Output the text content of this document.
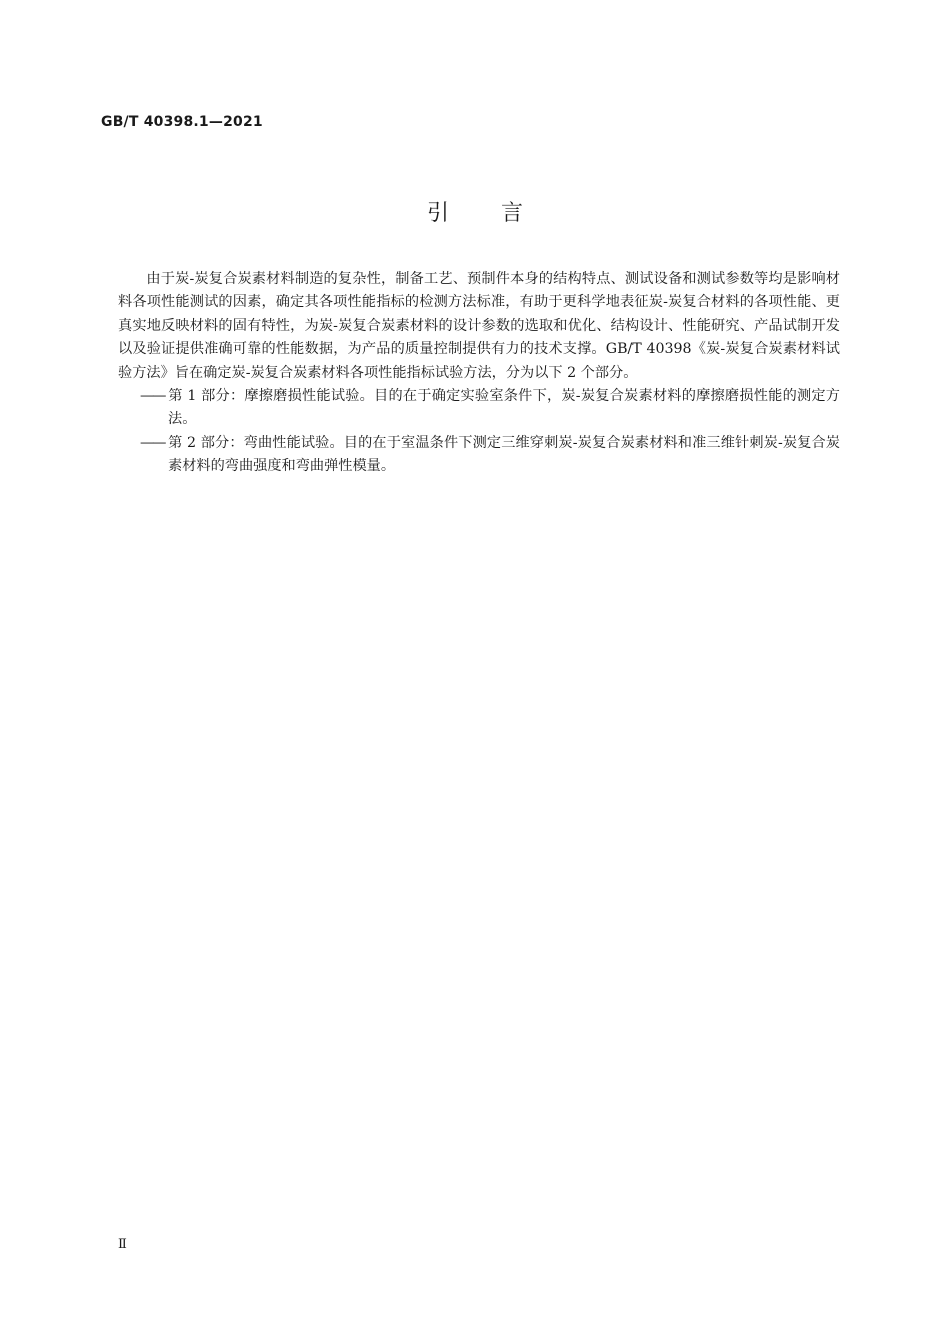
GB/T 40398.1—2021
引 言

由于炭-炭复合炭素材料制造的复杂性，制备工艺、预制件本身的结构特点、测试设备和测试参数等均是影响材料各项性能测试的因素，确定其各项性能指标的检测方法标准，有助于更科学地表征炭-炭复合材料的各项性能、更真实地反映材料的固有特性，为炭-炭复合炭素材料的设计参数的选取和优化、结构设计、性能研究、产品试制开发以及验证提供准确可靠的性能数据，为产品的质量控制提供有力的技术支撑。GB/T 40398《炭-炭复合炭素材料试验方法》旨在确定炭-炭复合炭素材料各项性能指标试验方法，分为以下 2 个部分。

—— 第 1 部分：摩擦磨损性能试验。目的在于确定实验室条件下，炭-炭复合炭素材料的摩擦磨损性能的测定方法。

—— 第 2 部分：弯曲性能试验。目的在于室温条件下测定三维穿刺炭-炭复合炭素材料和准三维针刺炭-炭复合炭素材料的弯曲强度和弯曲弹性模量。

Ⅱ
